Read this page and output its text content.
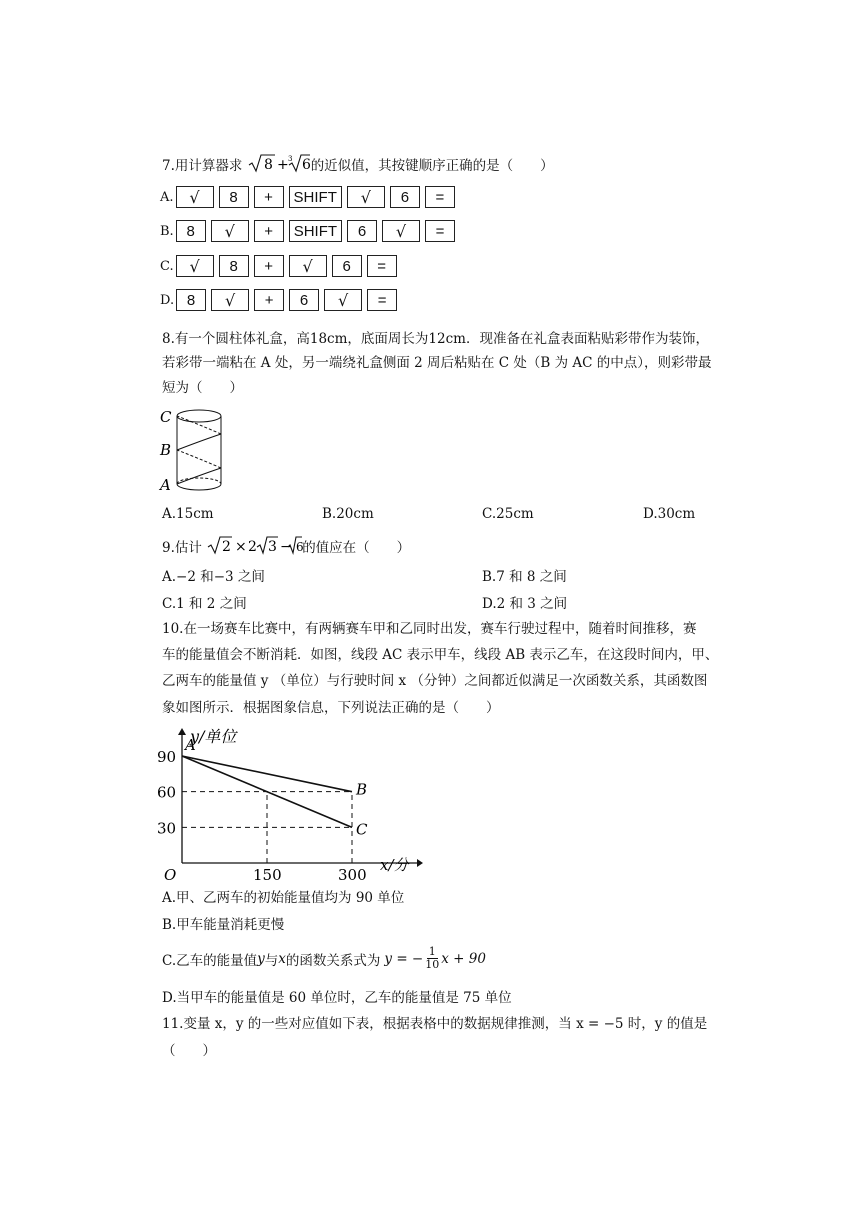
7.用计算器求 8 + 3 6 的近似值，其按键顺序正确的是（　　）
A. √	8	+	SHIFT	√	6	=
B. 8	√	+	SHIFT	6	√	=
C. √	8	+	√	6	=
D. 8	√	+	6	√	=
8.有一个圆柱体礼盒，高18cm，底面周长为12cm．现准备在礼盒表面粘贴彩带作为装饰，
若彩带一端粘在 A 处，另一端绕礼盒侧面 2 周后粘贴在 C 处（B 为 AC 的中点），则彩带最
短为（　　）
C
B
A
A.15cm	B.20cm	C.25cm	D.30cm
9.估计 2 × 2 3 − 6
的值应在（　　）
A.−2 和−3 之间	B.7 和 8 之间
C.1 和 2 之间	D.2 和 3 之间
10.在一场赛车比赛中，有两辆赛车甲和乙同时出发，赛车行驶过程中，随着时间推移，赛
车的能量值会不断消耗．如图，线段 AC 表示甲车，线段 AB 表示乙车，在这段时间内，甲、
乙两车的能量值 y （单位）与行驶时间 x （分钟）之间都近似满足一次函数关系，其函数图
象如图所示．根据图象信息，下列说法正确的是（　　）
30
60
90
150	300
O
y/单位
x/分
A
B
C
A.甲、乙两车的初始能量值均为 90 单位
B.甲车能量消耗更慢
C.乙车的能量值 y 与 x 的函数关系式为 y = − $\frac{1}{10}$ x + 90
D.当甲车的能量值是 60 单位时，乙车的能量值是 75 单位
11.变量 x，y 的一些对应值如下表，根据表格中的数据规律推测，当 x = −5 时，y 的值是
（　　）
